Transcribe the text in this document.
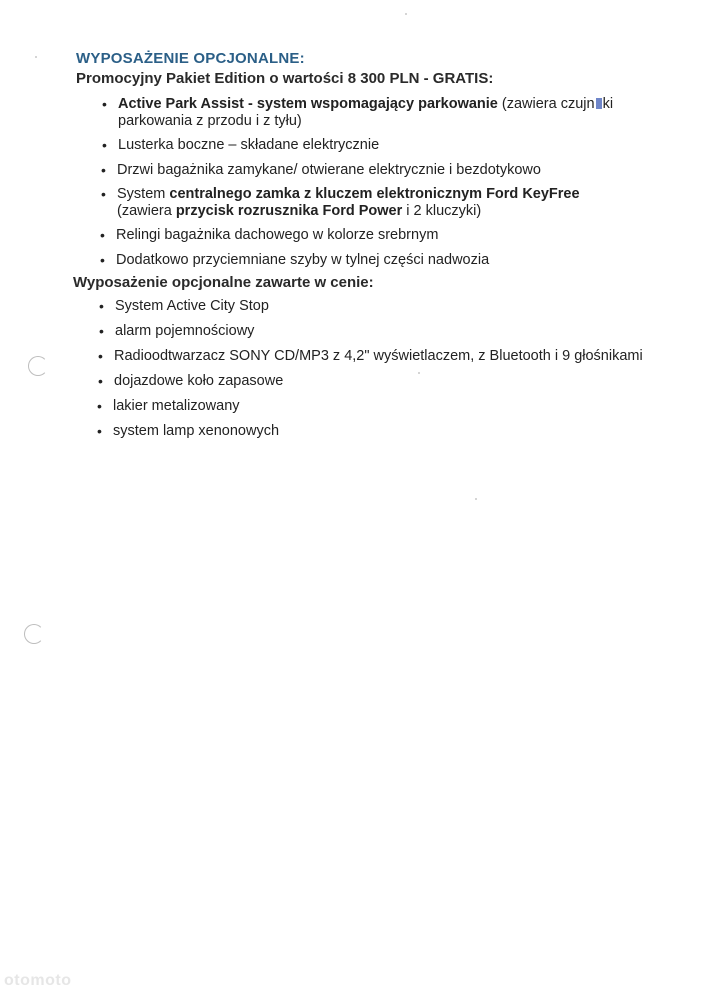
WYPOSAŻENIE OPCJONALNE:
Promocyjny Pakiet Edition o wartości 8 300 PLN - GRATIS:
• Active Park Assist - system wspomagający parkowanie (zawiera czujn ki
parkowania z przodu i z tyłu)
• Lusterka boczne – składane elektrycznie
• Drzwi bagażnika zamykane/ otwierane elektrycznie i bezdotykowo
• System centralnego zamka z kluczem elektronicznym Ford KeyFree
(zawiera przycisk rozrusznika Ford Power i 2 kluczyki)
• Relingi bagażnika dachowego w kolorze srebrnym
• Dodatkowo przyciemniane szyby w tylnej części nadwozia
Wyposażenie opcjonalne zawarte w cenie:
• System Active City Stop
• alarm pojemnościowy
• Radioodtwarzacz SONY CD/MP3 z 4,2" wyświetlaczem, z Bluetooth i 9 głośnikami
• dojazdowe koło zapasowe
• lakier metalizowany
• system lamp xenonowych
otomoto
